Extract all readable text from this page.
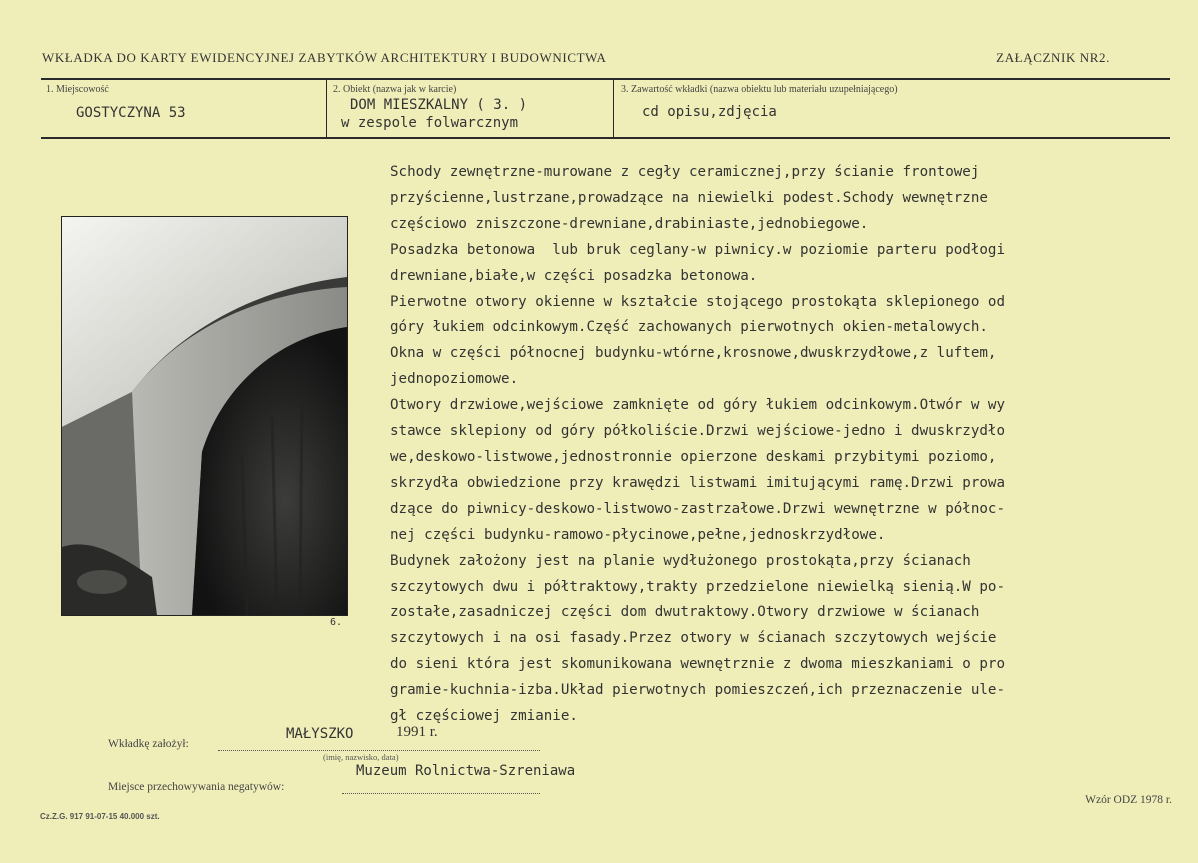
WKŁADKA DO KARTY EWIDENCYJNEJ ZABYTKÓW ARCHITEKTURY I BUDOWNICTWA	ZAŁĄCZNIK NR2.
1. Miejscowość
GOSTYCZYNA 53
2. Obiekt (nazwa jak w karcie)
DOM MIESZKALNY ( 3. )
w zespole folwarcznym
3. Zawartość wkładki (nazwa obiektu lub materiału uzupełniającego)
cd opisu,zdjęcia
6.
Schody zewnętrzne-murowane z cegły ceramicznej,przy ścianie frontowej
przyścienne,lustrzane,prowadzące na niewielki podest.Schody wewnętrzne
częściowo zniszczone-drewniane,drabiniaste,jednobiegowe.
Posadzka betonowa  lub bruk ceglany-w piwnicy.w poziomie parteru podłogi
drewniane,białe,w części posadzka betonowa.
Pierwotne otwory okienne w kształcie stojącego prostokąta sklepionego od
góry łukiem odcinkowym.Część zachowanych pierwotnych okien-metalowych.
Okna w części północnej budynku-wtórne,krosnowe,dwuskrzydłowe,z luftem,
jednopoziomowe.
Otwory drzwiowe,wejściowe zamknięte od góry łukiem odcinkowym.Otwór w wy
stawce sklepiony od góry półkoliście.Drzwi wejściowe-jedno i dwuskrzydło
we,deskowo-listwowe,jednostronnie opierzone deskami przybitymi poziomo,
skrzydła obwiedzione przy krawędzi listwami imitującymi ramę.Drzwi prowa
dzące do piwnicy-deskowo-listwowo-zastrzałowe.Drzwi wewnętrzne w północ-
nej części budynku-ramowo-płycinowe,pełne,jednoskrzydłowe.
Budynek założony jest na planie wydłużonego prostokąta,przy ścianach
szczytowych dwu i półtraktowy,trakty przedzielone niewielką sienią.W po-
zostałe,zasadniczej części dom dwutraktowy.Otwory drzwiowe w ścianach
szczytowych i na osi fasady.Przez otwory w ścianach szczytowych wejście
do sieni która jest skomunikowana wewnętrznie z dwoma mieszkaniami o pro
gramie-kuchnia-izba.Układ pierwotnych pomieszczeń,ich przeznaczenie ule-
gł częściowej zmianie.
Wkładkę założył:
MAŁYSZKO	1991 r.
(imię, nazwisko, data)
Muzeum Rolnictwa-Szreniawa
Miejsce przechowywania negatywów:
Wzór ODZ 1978 r.
Cz.Z.G. 917 91-07-15 40.000 szt.
